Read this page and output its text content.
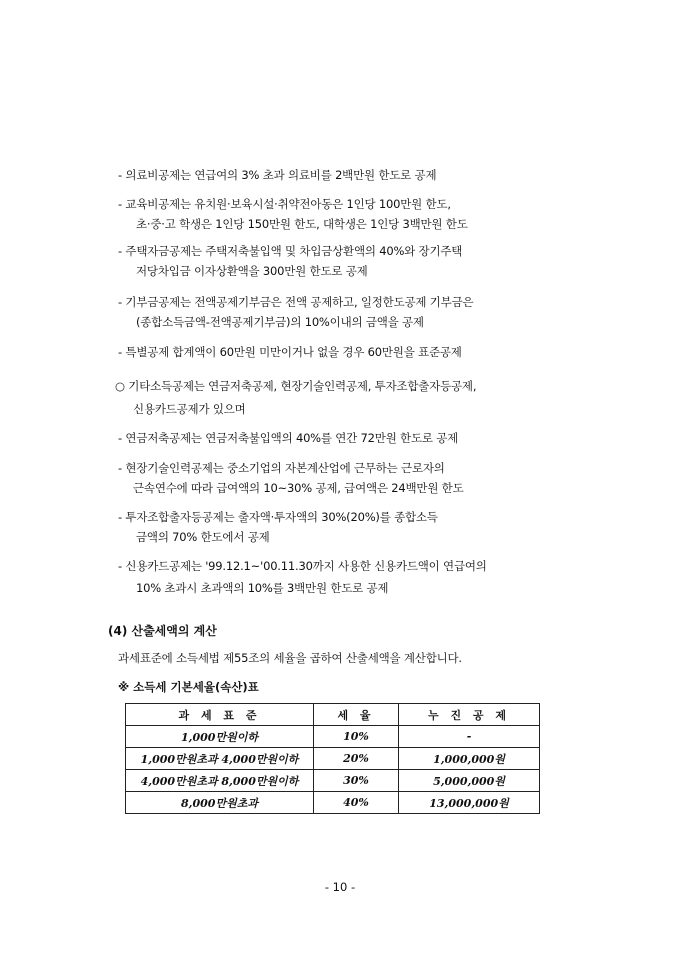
- 의료비공제는 연급여의 3% 초과 의료비를 2백만원 한도로 공제
- 교육비공제는 유치원·보육시설·취약전아동은 1인당 100만원 한도,
초·중·고 학생은 1인당 150만원 한도, 대학생은 1인당 3백만원 한도
- 주택자금공제는 주택저축불입액 및 차입금상환액의 40%와 장기주택
저당차입금 이자상환액을 300만원 한도로 공제
- 기부금공제는 전액공제기부금은 전액 공제하고, 일정한도공제 기부금은
(종합소득금액-전액공제기부금)의 10%이내의 금액을 공제
- 특별공제 합계액이 60만원 미만이거나 없을 경우 60만원을 표준공제
○ 기타소득공제는 연금저축공제, 현장기술인력공제, 투자조합출자등공제,
신용카드공제가 있으며
- 연금저축공제는 연금저축불입액의 40%를 연간 72만원 한도로 공제
- 현장기술인력공제는 중소기업의 자본계산업에 근무하는 근로자의
근속연수에 따라 급여액의 10~30% 공제, 급여액은 24백만원 한도
- 투자조합출자등공제는 출자액·투자액의 30%(20%)를 종합소득
금액의 70% 한도에서 공제
- 신용카드공제는 '99.12.1~'00.11.30까지 사용한 신용카드액이 연급여의
10% 초과시 초과액의 10%를 3백만원 한도로 공제
(4) 산출세액의 계산
과세표준에 소득세법 제55조의 세율을 곱하여 산출세액을 계산합니다.
※ 소득세 기본세율(속산)표
과 세 표 준	세 율	누 진 공 제
1,000만원이하	10%	-
1,000만원초과 4,000만원이하	20%	1,000,000원
4,000만원초과 8,000만원이하	30%	5,000,000원
8,000만원초과	40%	13,000,000원
- 10 -
